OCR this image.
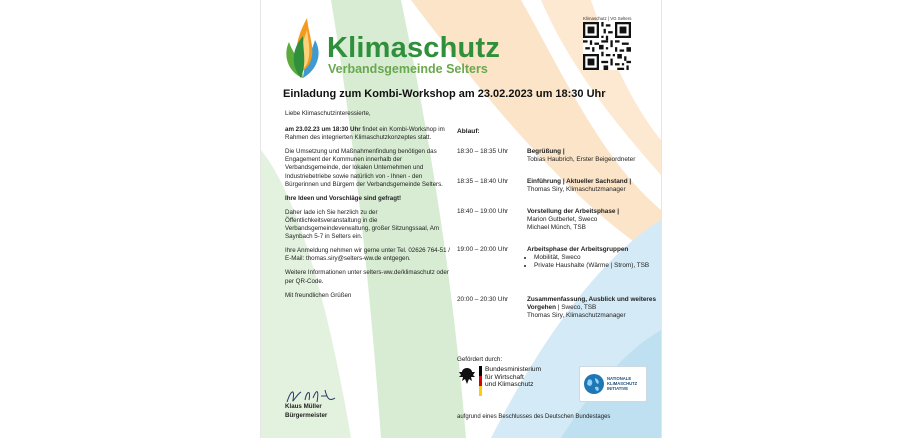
Klimaschutz
Verbandsgemeinde Selters
Klimaschutz | VG Selters
Einladung zum Kombi-Workshop am 23.02.2023 um 18:30 Uhr

Liebe Klimaschutzinteressierte,

am 23.02.23 um 18:30 Uhr findet ein Kombi-Workshop im Rahmen des integrierten Klimaschutzkonzeptes statt.

Die Umsetzung und Maßnahmenfindung benötigen das Engagement der Kommunen innerhalb der Verbandsgemeinde, der lokalen Unternehmen und Industriebetriebe sowie natürlich von - Ihnen - den Bürgerinnen und Bürgern der Verbandsgemeinde Selters.

Ihre Ideen und Vorschläge sind gefragt!

Daher lade ich Sie herzlich zu der Öffentlichkeitsveranstaltung in die Verbandsgemeindeverwaltung, großer Sitzungssaal, Am Saynbach 5-7 in Selters ein.

Ihre Anmeldung nehmen wir gerne unter Tel. 02626 764-51 / E-Mail: thomas.siry@selters-ww.de entgegen.

Weitere Informationen unter selters-ww.de/klimaschutz oder per QR-Code.

Mit freundlichen Grüßen

Klaus Müller
Bürgermeister
Ablauf:
18:30 – 18:35 Uhr	Begrüßung |
Tobias Haubrich, Erster Beigeordneter
18:35 – 18:40 Uhr	Einführung | Aktueller Sachstand |
Thomas Siry, Klimaschutzmanager
18:40 – 19:00 Uhr	Vorstellung der Arbeitsphase |
Marion Gutberlet, Sweco
Michael Münch, TSB
19:00 – 20:00 Uhr	Arbeitsphase der Arbeitsgruppen
• Mobilität, Sweco
• Private Haushalte (Wärme | Strom), TSB
20:00 – 20:30 Uhr	Zusammenfassung, Ausblick und weiteres Vorgehen | Sweco, TSB
Thomas Siry, Klimaschutzmanager
Gefördert durch:
Bundesministerium
für Wirtschaft
und Klimaschutz
NATIONALE
KLIMASCHUTZ
INITIATIVE
aufgrund eines Beschlusses des Deutschen Bundestages
